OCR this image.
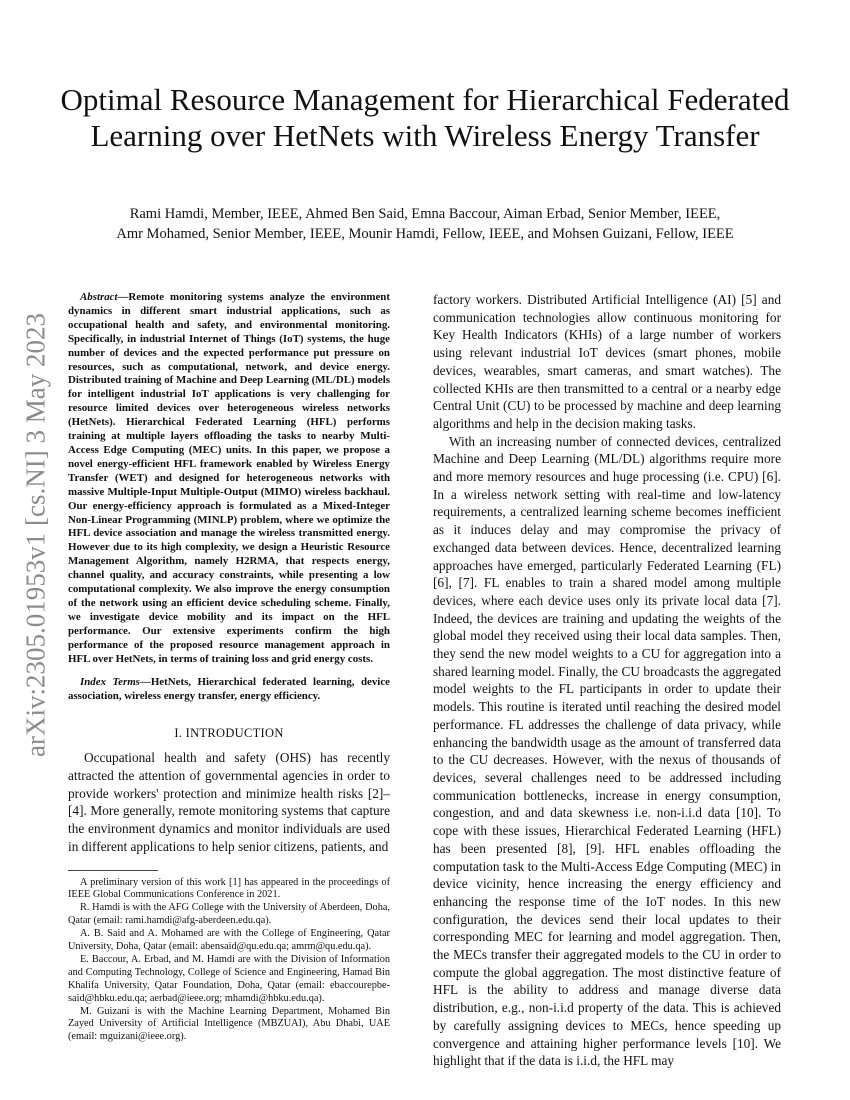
Optimal Resource Management for Hierarchical Federated Learning over HetNets with Wireless Energy Transfer
Rami Hamdi, Member, IEEE, Ahmed Ben Said, Emna Baccour, Aiman Erbad, Senior Member, IEEE,
Amr Mohamed, Senior Member, IEEE, Mounir Hamdi, Fellow, IEEE, and Mohsen Guizani, Fellow, IEEE
arXiv:2305.01953v1 [cs.NI] 3 May 2023

Abstract—Remote monitoring systems analyze the environment dynamics in different smart industrial applications, such as occupational health and safety, and environmental monitoring. Specifically, in industrial Internet of Things (IoT) systems, the huge number of devices and the expected performance put pressure on resources, such as computational, network, and device energy. Distributed training of Machine and Deep Learning (ML/DL) models for intelligent industrial IoT applications is very challenging for resource limited devices over heterogeneous wireless networks (HetNets). Hierarchical Federated Learning (HFL) performs training at multiple layers offloading the tasks to nearby Multi-Access Edge Computing (MEC) units. In this paper, we propose a novel energy-efficient HFL framework enabled by Wireless Energy Transfer (WET) and designed for heterogeneous networks with massive Multiple-Input Multiple-Output (MIMO) wireless backhaul. Our energy-efficiency approach is formulated as a Mixed-Integer Non-Linear Programming (MINLP) problem, where we optimize the HFL device association and manage the wireless transmitted energy. However due to its high complexity, we design a Heuristic Resource Management Algorithm, namely H2RMA, that respects energy, channel quality, and accuracy constraints, while presenting a low computational complexity. We also improve the energy consumption of the network using an efficient device scheduling scheme. Finally, we investigate device mobility and its impact on the HFL performance. Our extensive experiments confirm the high performance of the proposed resource management approach in HFL over HetNets, in terms of training loss and grid energy costs.

Index Terms—HetNets, Hierarchical federated learning, device association, wireless energy transfer, energy efficiency.

I. INTRODUCTION

Occupational health and safety (OHS) has recently attracted the attention of governmental agencies in order to provide workers' protection and minimize health risks [2]–[4]. More generally, remote monitoring systems that capture the environment dynamics and monitor individuals are used in different applications to help senior citizens, patients, and

A preliminary version of this work [1] has appeared in the proceedings of IEEE Global Communications Conference in 2021.

R. Hamdi is with the AFG College with the University of Aberdeen, Doha, Qatar (email: rami.hamdi@afg-aberdeen.edu.qa).

A. B. Said and A. Mohamed are with the College of Engineering, Qatar University, Doha, Qatar (email: abensaid@qu.edu.qa; amrm@qu.edu.qa).

E. Baccour, A. Erbad, and M. Hamdi are with the Division of Information and Computing Technology, College of Science and Engineering, Hamad Bin Khalifa University, Qatar Foundation, Doha, Qatar (email: ebaccourepbe-said@hbku.edu.qa; aerbad@ieee.org; mhamdi@hbku.edu.qa).

M. Guizani is with the Machine Learning Department, Mohamed Bin Zayed University of Artificial Intelligence (MBZUAI), Abu Dhabi, UAE (email: mguizani@ieee.org).

factory workers. Distributed Artificial Intelligence (AI) [5] and communication technologies allow continuous monitoring for Key Health Indicators (KHIs) of a large number of workers using relevant industrial IoT devices (smart phones, mobile devices, wearables, smart cameras, and smart watches). The collected KHIs are then transmitted to a central or a nearby edge Central Unit (CU) to be processed by machine and deep learning algorithms and help in the decision making tasks.

With an increasing number of connected devices, centralized Machine and Deep Learning (ML/DL) algorithms require more and more memory resources and huge processing (i.e. CPU) [6]. In a wireless network setting with real-time and low-latency requirements, a centralized learning scheme becomes inefficient as it induces delay and may compromise the privacy of exchanged data between devices. Hence, decentralized learning approaches have emerged, particularly Federated Learning (FL) [6], [7]. FL enables to train a shared model among multiple devices, where each device uses only its private local data [7]. Indeed, the devices are training and updating the weights of the global model they received using their local data samples. Then, they send the new model weights to a CU for aggregation into a shared learning model. Finally, the CU broadcasts the aggregated model weights to the FL participants in order to update their models. This routine is iterated until reaching the desired model performance. FL addresses the challenge of data privacy, while enhancing the bandwidth usage as the amount of transferred data to the CU decreases. However, with the nexus of thousands of devices, several challenges need to be addressed including communication bottlenecks, increase in energy consumption, congestion, and and data skewness i.e. non-i.i.d data [10]. To cope with these issues, Hierarchical Federated Learning (HFL) has been presented [8], [9]. HFL enables offloading the computation task to the Multi-Access Edge Computing (MEC) in device vicinity, hence increasing the energy efficiency and enhancing the response time of the IoT nodes. In this new configuration, the devices send their local updates to their corresponding MEC for learning and model aggregation. Then, the MECs transfer their aggregated models to the CU in order to compute the global aggregation. The most distinctive feature of HFL is the ability to address and manage diverse data distribution, e.g., non-i.i.d property of the data. This is achieved by carefully assigning devices to MECs, hence speeding up convergence and attaining higher performance levels [10]. We highlight that if the data is i.i.d, the HFL may
